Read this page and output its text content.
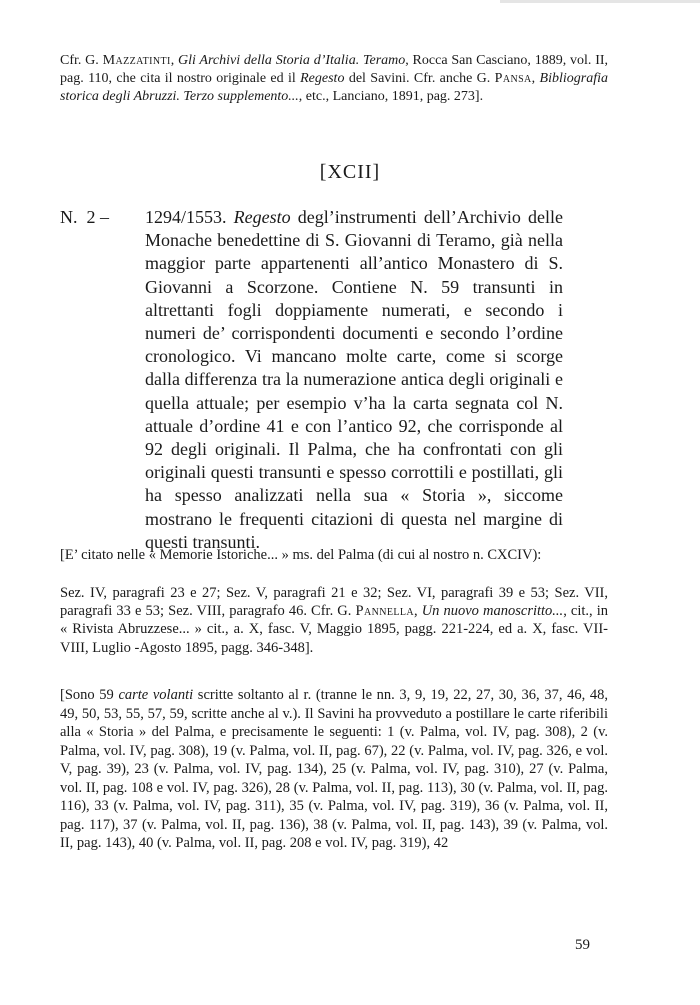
Cfr. G. Mazzatinti, Gli Archivi della Storia d’Italia. Teramo, Rocca San Casciano, 1889, vol. II, pag. 110, che cita il nostro originale ed il Regesto del Savini. Cfr. anche G. Pansa, Bibliografia storica degli Abruzzi. Terzo supplemento..., etc., Lanciano, 1891, pag. 273].

[XCII]
N.  2 –	1294/1553. Regesto degl’instrumenti dell’Archivio delle Monache benedettine di S. Giovanni di Teramo, già nella maggior parte appartenenti all’antico Monastero di S. Giovanni a Scorzone. Contiene N. 59 transunti in altrettanti fogli doppiamente numerati, e secondo i numeri de’ corrispondenti documenti e secondo l’ordine cronologico. Vi mancano molte carte, come si scorge dalla differenza tra la numerazione antica degli originali e quella attuale; per esempio v’ha la carta segnata col N. attuale d’ordine 41 e con l’antico 92, che corrisponde al 92 degli originali. Il Palma, che ha confrontati con gli originali questi transunti e spesso corrottili e postillati, gli ha spesso analizzati nella sua « Storia », siccome mostrano le frequenti citazioni di questa nel margine di questi transunti.

[E’ citato nelle « Memorie Istoriche... » ms. del Palma (di cui al nostro n. CXCIV):

Sez. IV, paragrafi 23 e 27; Sez. V, paragrafi 21 e 32; Sez. VI, paragrafi 39 e 53; Sez. VII, paragrafi 33 e 53; Sez. VIII, paragrafo 46. Cfr. G. Pannella, Un nuovo manoscritto..., cit., in « Rivista Abruzzese... » cit., a. X, fasc. V, Maggio 1895, pagg. 221-224, ed a. X, fasc. VII-VIII, Luglio -Agosto 1895, pagg. 346-348].

[Sono 59 carte volanti scritte soltanto al r. (tranne le nn. 3, 9, 19, 22, 27, 30, 36, 37, 46, 48, 49, 50, 53, 55, 57, 59, scritte anche al v.). Il Savini ha provveduto a postillare le carte riferibili alla « Storia » del Palma, e precisamente le seguenti: 1 (v. Palma, vol. IV, pag. 308), 2 (v. Palma, vol. IV, pag. 308), 19 (v. Palma, vol. II, pag. 67), 22 (v. Palma, vol. IV, pag. 326, e vol. V, pag. 39), 23 (v. Palma, vol. IV, pag. 134), 25 (v. Palma, vol. IV, pag. 310), 27 (v. Palma, vol. II, pag. 108 e vol. IV, pag. 326), 28 (v. Palma, vol. II, pag. 113), 30 (v. Palma, vol. II, pag. 116), 33 (v. Palma, vol. IV, pag. 311), 35 (v. Palma, vol. IV, pag. 319), 36 (v. Palma, vol. II, pag. 117), 37 (v. Palma, vol. II, pag. 136), 38 (v. Palma, vol. II, pag. 143), 39 (v. Palma, vol. II, pag. 143), 40 (v. Palma, vol. II, pag. 208 e vol. IV, pag. 319), 42

59
